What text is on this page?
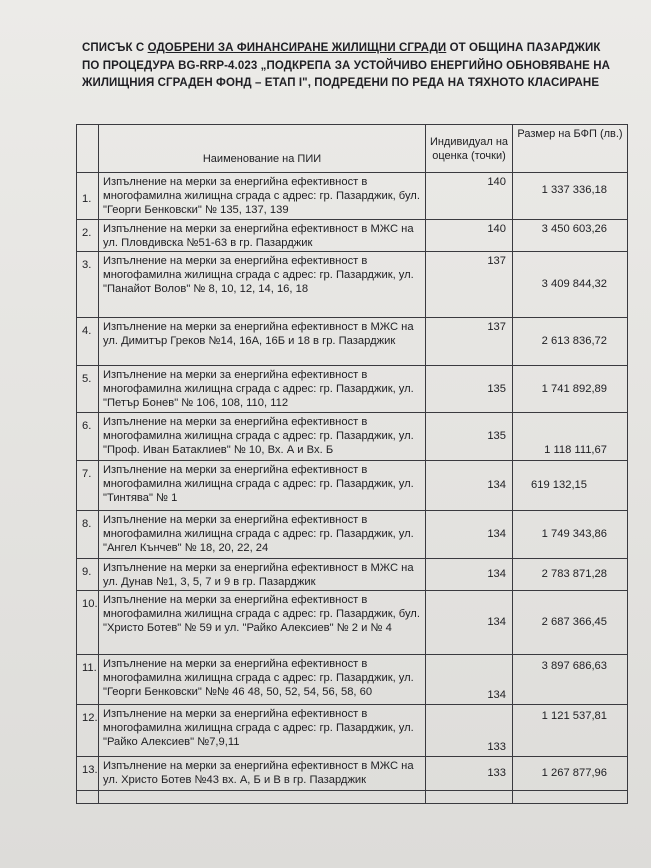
СПИСЪК С ОДОБРЕНИ ЗА ФИНАНСИРАНЕ ЖИЛИЩНИ СГРАДИ ОТ ОБЩИНА ПАЗАРДЖИК ПО ПРОЦЕДУРА BG-RRP-4.023 „ПОДКРЕПА ЗА УСТОЙЧИВО ЕНЕРГИЙНО ОБНОВЯВАНЕ НА ЖИЛИЩНИЯ СГРАДЕН ФОНД – ЕТАП I", ПОДРЕДЕНИ ПО РЕДА НА ТЯХНОТО КЛАСИРАНЕ
	Наименование на ПИИ	Индивидуал на оценка (точки)	Размер на БФП (лв.)
1.	Изпълнение на мерки за енергийна ефективност в многофамилна жилищна сграда с адрес: гр. Пазарджик, бул. "Георги Бенковски" № 135, 137, 139	140	1 337 336,18
2.	Изпълнение на мерки за енергийна ефективност в МЖС на ул. Пловдивска №51-63 в гр. Пазарджик	140	3 450 603,26
3.	Изпълнение на мерки за енергийна ефективност в многофамилна жилищна сграда с адрес: гр. Пазарджик, ул. "Панайот Волов" № 8, 10, 12, 14, 16, 18	137	3 409 844,32
4.	Изпълнение на мерки за енергийна ефективност в МЖС на ул. Димитър Греков №14, 16А, 16Б и 18 в гр. Пазарджик	137	2 613 836,72
5.	Изпълнение на мерки за енергийна ефективност в многофамилна жилищна сграда с адрес: гр. Пазарджик, ул. "Петър Бонев" № 106, 108, 110, 112	135	1 741 892,89
6.	Изпълнение на мерки за енергийна ефективност в многофамилна жилищна сграда с адрес: гр. Пазарджик, ул. "Проф. Иван Батаклиев" № 10, Вх. А и Вх. Б	135	1 118 111,67
7.	Изпълнение на мерки за енергийна ефективност в многофамилна жилищна сграда с адрес: гр. Пазарджик, ул. "Тинтява" № 1	134	619 132,15
8.	Изпълнение на мерки за енергийна ефективност в многофамилна жилищна сграда с адрес: гр. Пазарджик, ул. "Ангел Кънчев" № 18, 20, 22, 24	134	1 749 343,86
9.	Изпълнение на мерки за енергийна ефективност в МЖС на ул. Дунав №1, 3, 5, 7 и 9 в гр. Пазарджик	134	2 783 871,28
10.	Изпълнение на мерки за енергийна ефективност в многофамилна жилищна сграда с адрес: гр. Пазарджик, бул. "Христо Ботев" № 59 и ул. "Райко Алексиев" № 2 и № 4	134	2 687 366,45
11.	Изпълнение на мерки за енергийна ефективност в многофамилна жилищна сграда с адрес: гр. Пазарджик, ул. "Георги Бенковски" №№ 46 48, 50, 52, 54, 56, 58, 60	134	3 897 686,63
12.	Изпълнение на мерки за енергийна ефективност в многофамилна жилищна сграда с адрес: гр. Пазарджик, ул. "Райко Алексиев" №7,9,11	133	1 121 537,81
13.	Изпълнение на мерки за енергийна ефективност в МЖС на ул. Христо Ботев №43 вх. А, Б и В в гр. Пазарджик	133	1 267 877,96
